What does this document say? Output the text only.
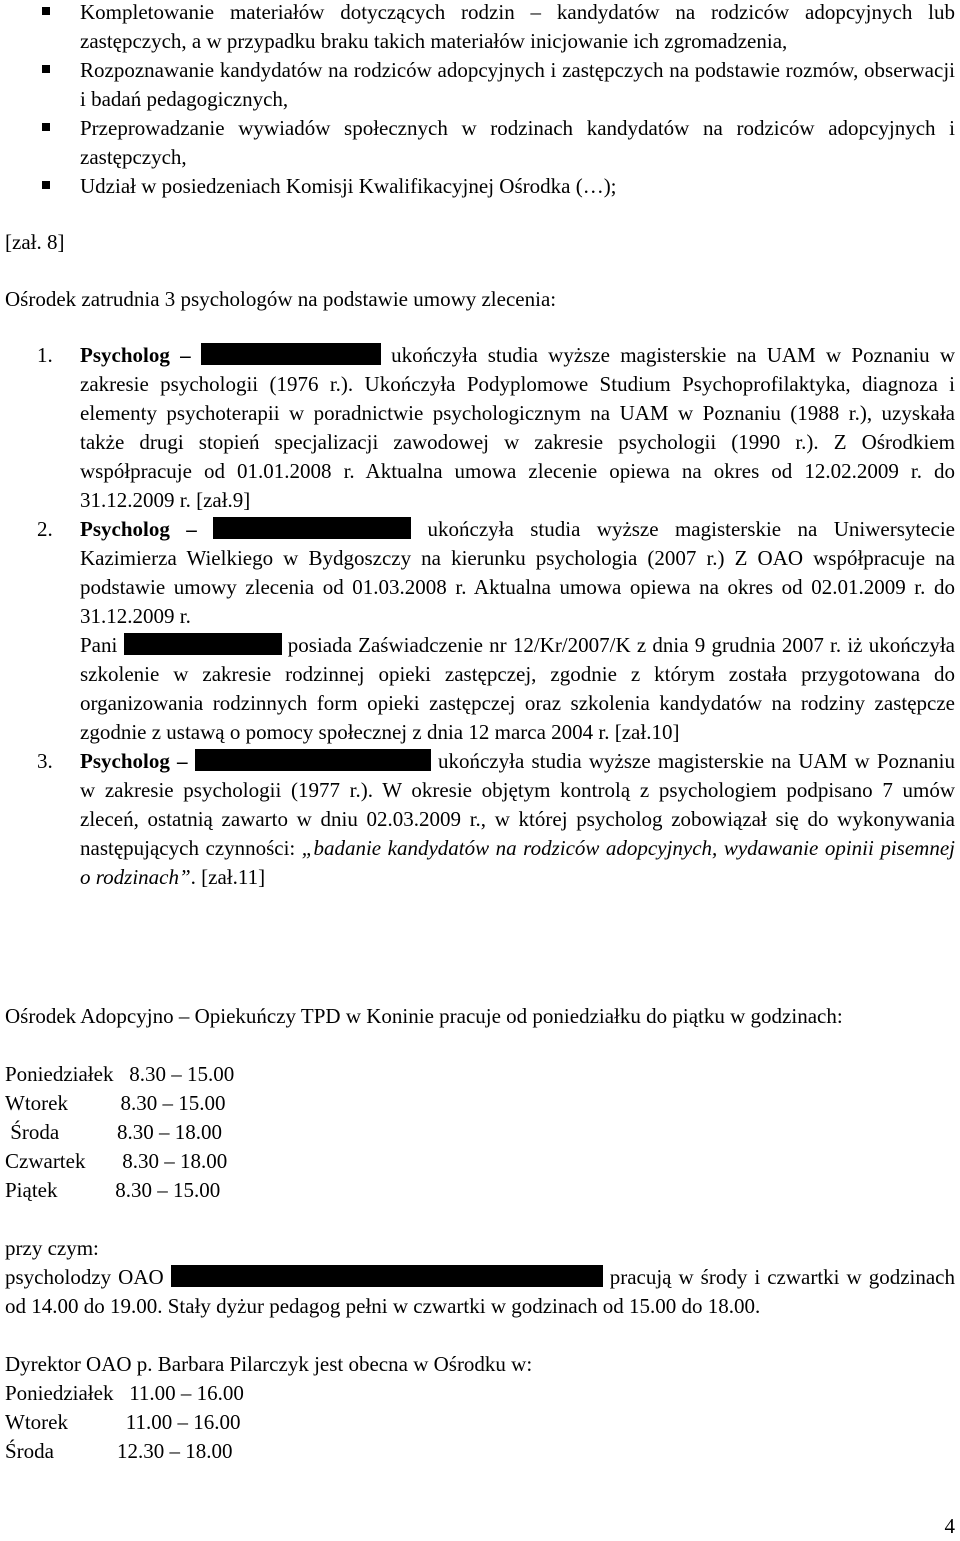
Kompletowanie materiałów dotyczących rodzin – kandydatów na rodziców adopcyjnych lub zastępczych, a w przypadku braku takich materiałów inicjowanie ich zgromadzenia,
Rozpoznawanie kandydatów na rodziców adopcyjnych i zastępczych na podstawie rozmów, obserwacji i badań pedagogicznych,
Przeprowadzanie wywiadów społecznych w rodzinach kandydatów na rodziców adopcyjnych i zastępczych,
Udział w posiedzeniach Komisji Kwalifikacyjnej Ośrodka (…);
[zał. 8]
Ośrodek zatrudnia 3 psychologów na podstawie umowy zlecenia:
1. Psycholog –	ukończyła studia wyższe magisterskie na UAM w Poznaniu w zakresie psychologii (1976 r.). Ukończyła Podyplomowe Studium Psychoprofilaktyka, diagnoza i elementy psychoterapii w poradnictwie psychologicznym na UAM w Poznaniu (1988 r.), uzyskała także drugi stopień specjalizacji zawodowej w zakresie psychologii (1990 r.). Z Ośrodkiem współpracuje od 01.01.2008 r. Aktualna umowa zlecenie opiewa na okres od 12.02.2009 r. do 31.12.2009 r. [zał.9]
2. Psycholog –	ukończyła studia wyższe magisterskie na Uniwersytecie Kazimierza Wielkiego w Bydgoszczy na kierunku psychologia (2007 r.) Z OAO współpracuje na podstawie umowy zlecenia od 01.03.2008 r. Aktualna umowa opiewa na okres od 02.01.2009 r. do 31.12.2009 r.
Pani	posiada Zaświadczenie nr 12/Kr/2007/K z dnia 9 grudnia 2007 r. iż ukończyła szkolenie w zakresie rodzinnej opieki zastępczej, zgodnie z którym została przygotowana do organizowania rodzinnych form opieki zastępczej oraz szkolenia kandydatów na rodziny zastępcze zgodnie z ustawą o pomocy społecznej z dnia 12 marca 2004 r. [zał.10]
3. Psycholog –	ukończyła studia wyższe magisterskie na UAM w Poznaniu w zakresie psychologii (1977 r.). W okresie objętym kontrolą z psychologiem podpisano 7 umów zleceń, ostatnią zawarto w dniu 02.03.2009 r., w której psycholog zobowiązał się do wykonywania następujących czynności: „badanie kandydatów na rodziców adopcyjnych, wydawanie opinii pisemnej o rodzinach”. [zał.11]
Ośrodek Adopcyjno – Opiekuńczy TPD w Koninie pracuje od poniedziałku do piątku w godzinach:
Poniedziałek   8.30 – 15.00
Wtorek          8.30 – 15.00
Środa           8.30 – 18.00
Czwartek       8.30 – 18.00
Piątek           8.30 – 15.00
przy czym:
psycholodzy OAO	pracują w środy i czwartki w godzinach od 14.00 do 19.00. Stały dyżur pedagog pełni w czwartki w godzinach od 15.00 do 18.00.
Dyrektor OAO p. Barbara Pilarczyk jest obecna w Ośrodku w:
Poniedziałek   11.00 – 16.00
Wtorek           11.00 – 16.00
Środa            12.30 – 18.00
4
